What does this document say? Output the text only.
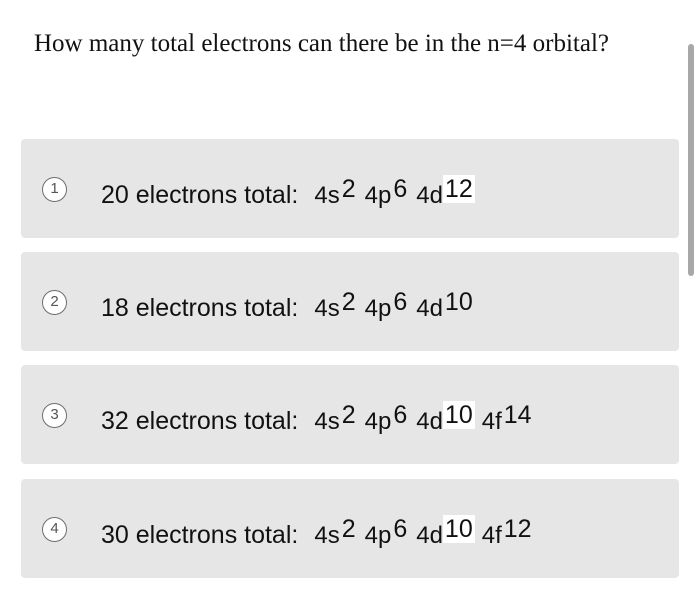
How many total electrons can there be in the n=4 orbital?
1	20 electrons total: $4s^2$ $4p^6$ $4d^{12}$
2	18 electrons total: $4s^2$ $4p^6$ $4d^{10}$
3	32 electrons total: $4s^2$ $4p^6$ $4d^{10}$ $4f^{14}$
4	30 electrons total: $4s^2$ $4p^6$ $4d^{10}$ $4f^{12}$
